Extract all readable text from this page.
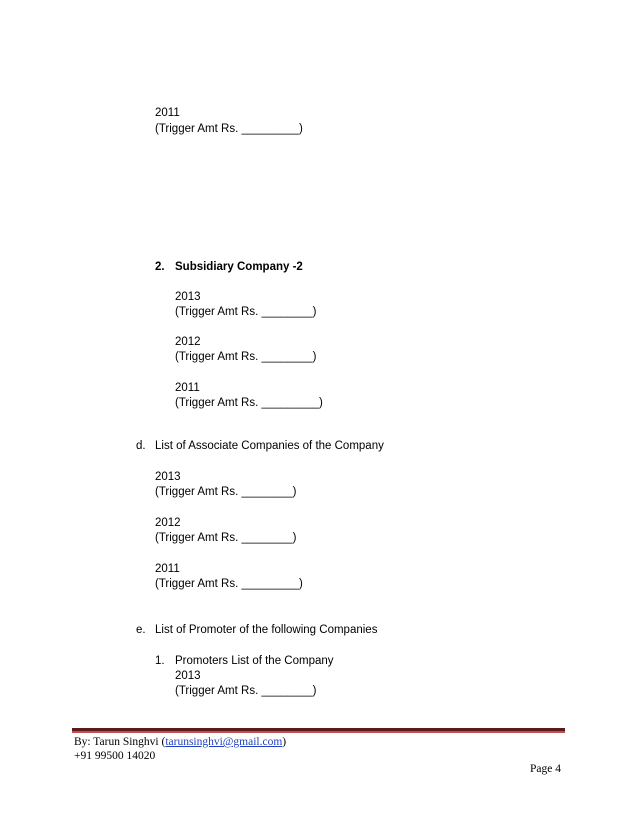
2011

(Trigger Amt Rs. _________)

2. Subsidiary Company -2

2013

(Trigger Amt Rs. ________)

2012

(Trigger Amt Rs. ________)

2011

(Trigger Amt Rs. _________)

d. List of Associate Companies of the Company

2013

(Trigger Amt Rs. ________)

2012

(Trigger Amt Rs. ________)

2011

(Trigger Amt Rs. _________)

e. List of Promoter of the following Companies

1. Promoters List of the Company

2013

(Trigger Amt Rs. ________)

By: Tarun Singhvi (tarunsinghvi@gmail.com)

+91 99500 14020

Page 4
